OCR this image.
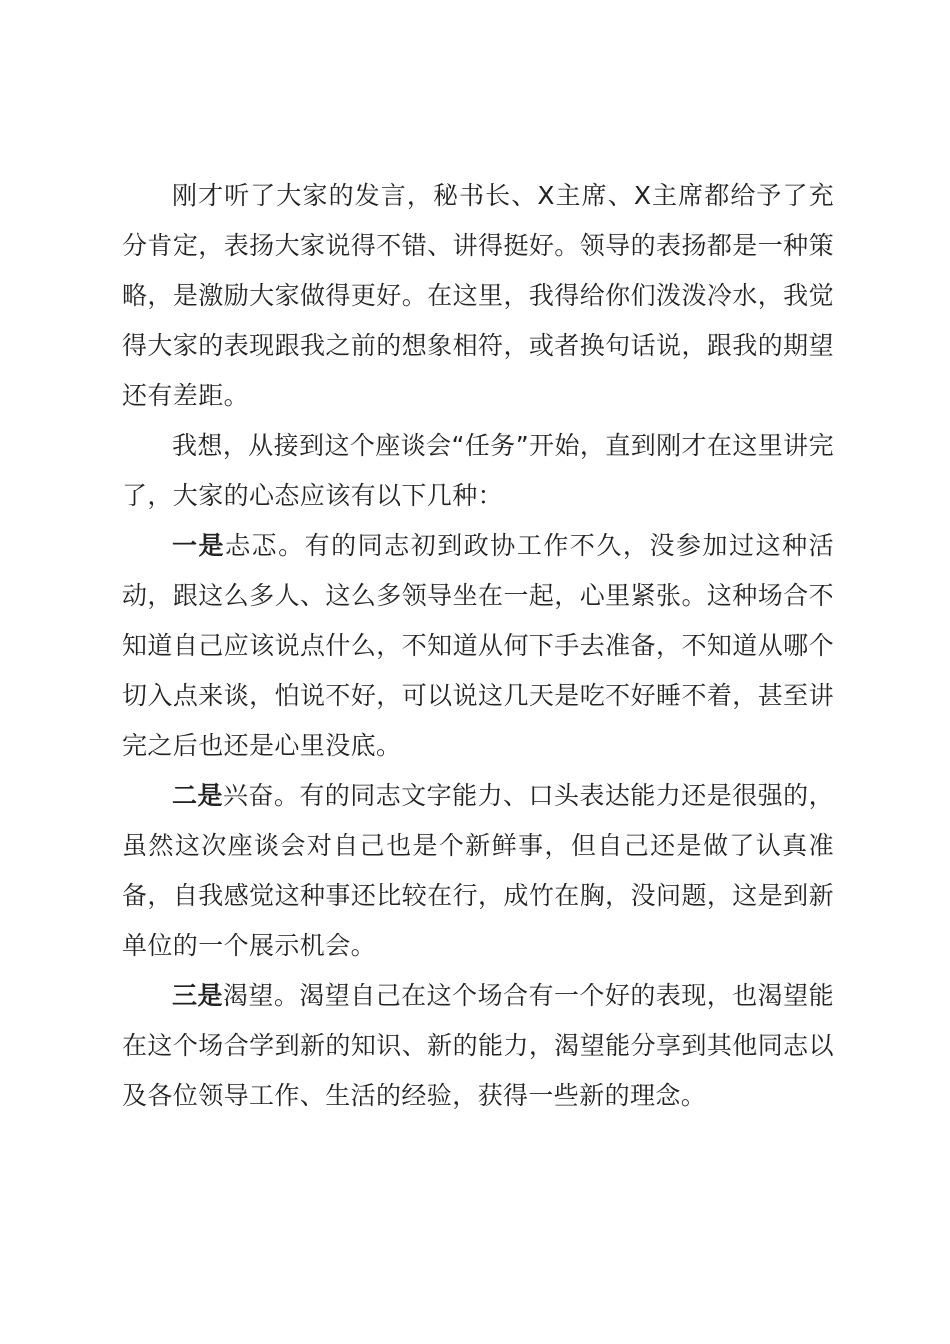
刚才听了大家的发言，秘书长、X主席、X主席都给予了充分肯定，表扬大家说得不错、讲得挺好。领导的表扬都是一种策略，是激励大家做得更好。在这里，我得给你们泼泼冷水，我觉得大家的表现跟我之前的想象相符，或者换句话说，跟我的期望还有差距。

我想，从接到这个座谈会“任务”开始，直到刚才在这里讲完了，大家的心态应该有以下几种：

一是忐忑。有的同志初到政协工作不久，没参加过这种活动，跟这么多人、这么多领导坐在一起，心里紧张。这种场合不知道自己应该说点什么，不知道从何下手去准备，不知道从哪个切入点来谈，怕说不好，可以说这几天是吃不好睡不着，甚至讲完之后也还是心里没底。

二是兴奋。有的同志文字能力、口头表达能力还是很强的，虽然这次座谈会对自己也是个新鲜事，但自己还是做了认真准备，自我感觉这种事还比较在行，成竹在胸，没问题，这是到新单位的一个展示机会。

三是渴望。渴望自己在这个场合有一个好的表现，也渴望能在这个场合学到新的知识、新的能力，渴望能分享到其他同志以及各位领导工作、生活的经验，获得一些新的理念。
